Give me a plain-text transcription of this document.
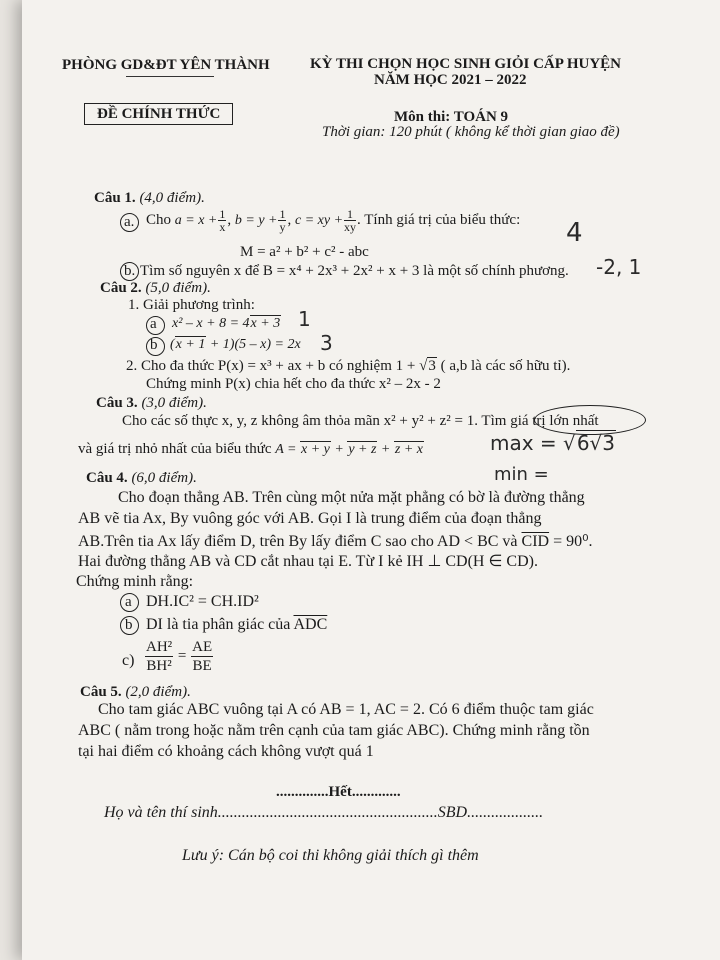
PHÒNG GD&ĐT YÊN THÀNH	KỲ THI CHỌN HỌC SINH GIỎI CẤP HUYỆN
NĂM HỌC 2021 – 2022
ĐỀ CHÍNH THỨC	Môn thi: TOÁN 9
Thời gian: 120 phút ( không kể thời gian giao đề)
Câu 1. (4,0 điểm).
a. Cho $a = x + \frac{1}{x}$ , $b = y + \frac{1}{y}$ , c = xy + $\frac{1}{xy}$ . Tính giá trị của biểu thức:
M = a² + b² + c² - abc
4
b. Tìm số nguyên x để B = x⁴ + 2x³ + 2x² + x + 3 là một số chính phương. -2, 1
Câu 2. (5,0 điểm).
1. Giải phương trình:
a x² – x + 8 = 4x + 3 1
b (x + 1 + 1)(5 – x) = 2x 3
2. Cho đa thức P(x) = x³ + ax + b có nghiệm 1 + √3 ( a,b là các số hữu tỉ).
Chứng minh P(x) chia hết cho đa thức x² – 2x - 2
Câu 3. (3,0 điểm).
Cho các số thực x, y, z không âm thỏa mãn x² + y² + z² = 1. Tìm giá trị lớn nhất
và giá trị nhỏ nhất của biểu thức A = x + y + y + z + z + x	max = √6√3
min =
Câu 4. (6,0 điểm).
Cho đoạn thẳng AB. Trên cùng một nửa mặt phẳng có bờ là đường thẳng
AB vẽ tia Ax, By vuông góc với AB. Gọi I là trung điểm của đoạn thẳng
AB.Trên tia Ax lấy điểm D, trên By lấy điểm C sao cho AD < BC và $\overline{CID} = 90^0$.
Hai đường thẳng AB và CD cắt nhau tại E. Từ I kẻ IH ⊥ CD(H ∈ CD).
Chứng minh rằng:
a DH.IC² = CH.ID²
b DI là tia phân giác của $\overline{ADC}$
$c) \frac{\text{AH²}}{\text{BH²}} = \frac{AE}{BE}$
Câu 5. (2,0 điểm).
Cho tam giác ABC vuông tại A có AB = 1, AC = 2. Có 6 điểm thuộc tam giác
ABC ( nằm trong hoặc nằm trên cạnh của tam giác ABC). Chứng minh rằng tồn
tại hai điểm có khoảng cách không vượt quá 1
..............Hết.............
Họ và tên thí sinh.......................................................SBD...................
Lưu ý: Cán bộ coi thi không giải thích gì thêm
